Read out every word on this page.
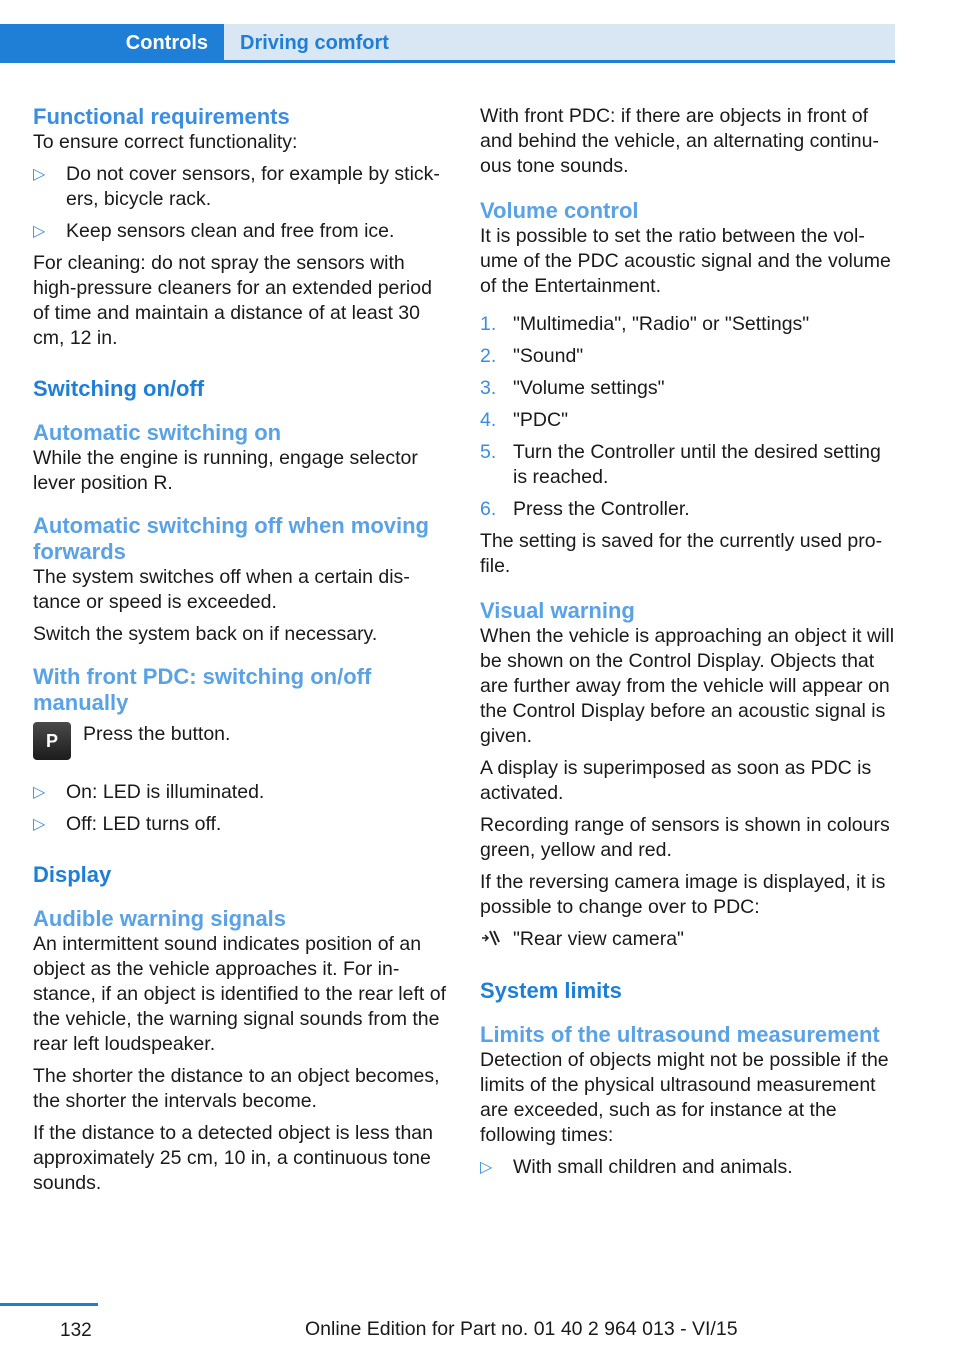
Controls	Driving comfort
Functional requirements

To ensure correct functionality:

▷ Do not cover sensors, for example by stickers, bicycle rack.
▷ Keep sensors clean and free from ice.

For cleaning: do not spray the sensors with high-pressure cleaners for an extended period of time and maintain a distance of at least 30 cm, 12 in.

Switching on/off
Automatic switching on

While the engine is running, engage selector lever position R.

Automatic switching off when moving forwards

The system switches off when a certain distance or speed is exceeded.

Switch the system back on if necessary.

With front PDC: switching on/off manually
P	Press the button.
▷ On: LED is illuminated.
▷ Off: LED turns off.
Display
Audible warning signals

An intermittent sound indicates position of an object as the vehicle approaches it. For instance, if an object is identified to the rear left of the vehicle, the warning signal sounds from the rear left loudspeaker.

The shorter the distance to an object becomes, the shorter the intervals become.

If the distance to a detected object is less than approximately 25 cm, 10 in, a continuous tone sounds.

With front PDC: if there are objects in front of and behind the vehicle, an alternating continuous tone sounds.

Volume control

It is possible to set the ratio between the volume of the PDC acoustic signal and the volume of the Entertainment.

1. "Multimedia", "Radio" or "Settings"
2. "Sound"
3. "Volume settings"
4. "PDC"
5. Turn the Controller until the desired setting is reached.
6. Press the Controller.

The setting is saved for the currently used profile.

Visual warning

When the vehicle is approaching an object it will be shown on the Control Display. Objects that are further away from the vehicle will appear on the Control Display before an acoustic signal is given.

A display is superimposed as soon as PDC is activated.

Recording range of sensors is shown in colours green, yellow and red.

If the reversing camera image is displayed, it is possible to change over to PDC:

"Rear view camera"
System limits
Limits of the ultrasound measurement

Detection of objects might not be possible if the limits of the physical ultrasound measurement are exceeded, such as for instance at the following times:

▷ With small children and animals.
132	Online Edition for Part no. 01 40 2 964 013 - VI/15
